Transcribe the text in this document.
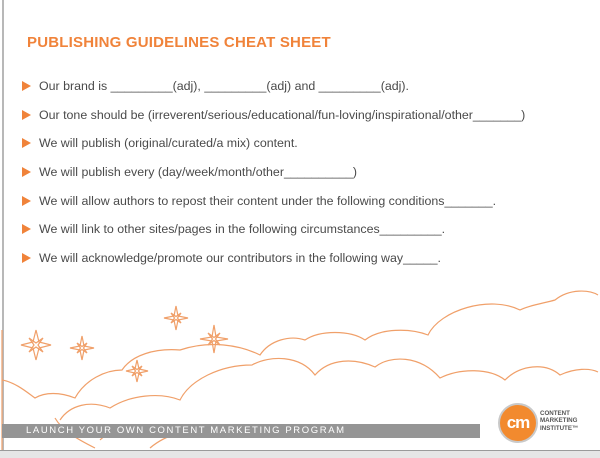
PUBLISHING GUIDELINES CHEAT SHEET
Our brand is _________(adj), _________(adj) and _________(adj).
Our tone should be (irreverent/serious/educational/fun-loving/inspirational/other_______)
We will publish (original/curated/a mix) content.
We will publish every (day/week/month/other__________)
We will allow authors to repost their content under the following conditions_______.
We will link to other sites/pages in the following circumstances_________.
We will acknowledge/promote our contributors in the following way_____.
LAUNCH YOUR OWN CONTENT MARKETING PROGRAM	cm	CONTENT
MARKETING
INSTITUTE™
